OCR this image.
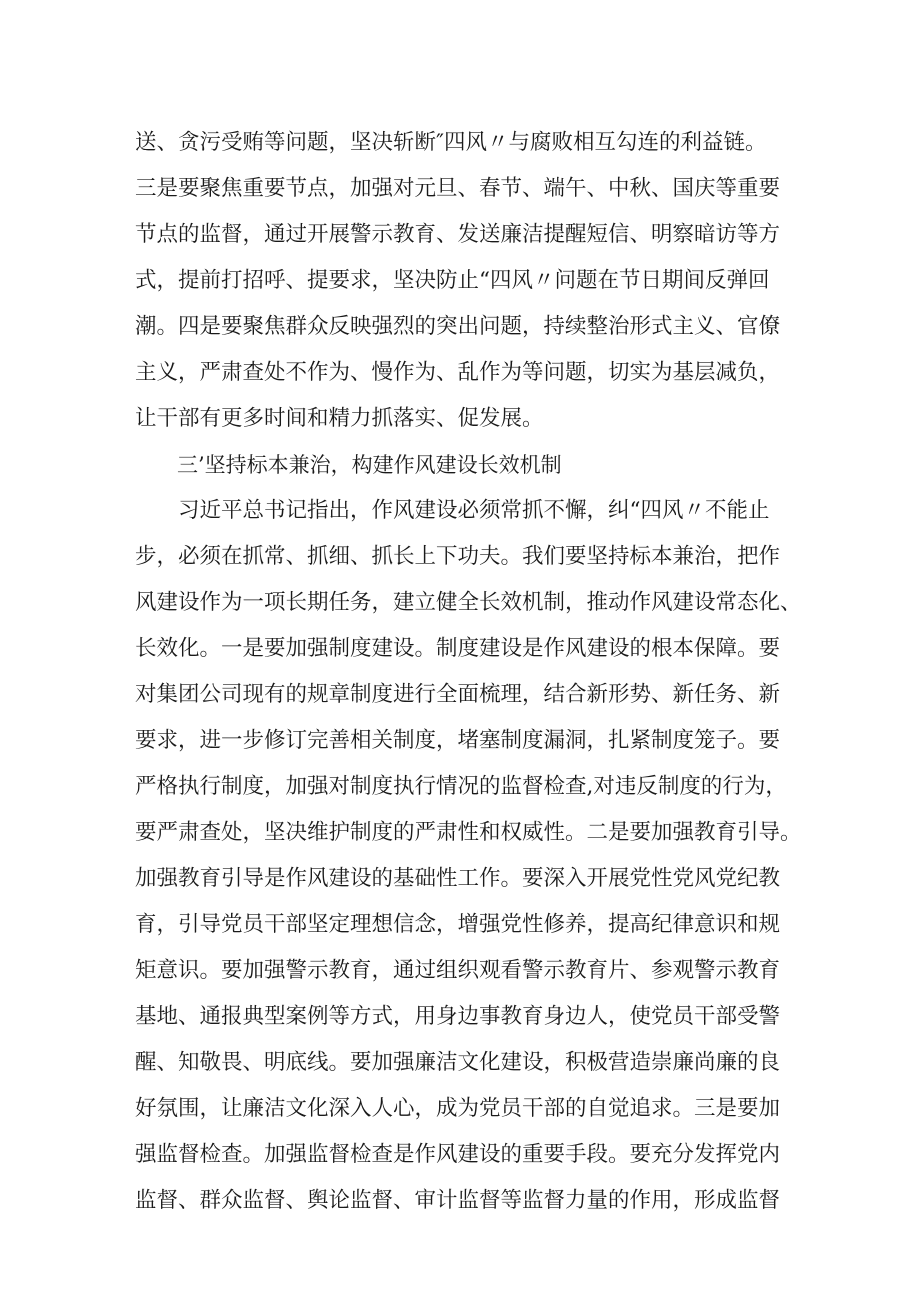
送、贪污受贿等问题，坚决斩断″四风〃与腐败相互勾连的利益链。
三是要聚焦重要节点，加强对元旦、春节、端午、中秋、国庆等重要
节点的监督，通过开展警示教育、发送廉洁提醒短信、明察暗访等方
式，提前打招呼、提要求，坚决防止“四风〃问题在节日期间反弹回
潮。四是要聚焦群众反映强烈的突出问题，持续整治形式主义、官僚
主义，严肃查处不作为、慢作为、乱作为等问题，切实为基层减负，
让干部有更多时间和精力抓落实、促发展。
　　三’坚持标本兼治，构建作风建设长效机制
　　习近平总书记指出，作风建设必须常抓不懈，纠“四风〃不能止
步，必须在抓常、抓细、抓长上下功夫。我们要坚持标本兼治，把作
风建设作为一项长期任务，建立健全长效机制，推动作风建设常态化、
长效化。一是要加强制度建设。制度建设是作风建设的根本保障。要
对集团公司现有的规章制度进行全面梳理，结合新形势、新任务、新
要求，进一步修订完善相关制度，堵塞制度漏洞，扎紧制度笼子。要
严格执行制度，加强对制度执行情况的监督检查,对违反制度的行为，
要严肃查处，坚决维护制度的严肃性和权威性。二是要加强教育引导。
加强教育引导是作风建设的基础性工作。要深入开展党性党风党纪教
育，引导党员干部坚定理想信念，增强党性修养，提高纪律意识和规
矩意识。要加强警示教育，通过组织观看警示教育片、参观警示教育
基地、通报典型案例等方式，用身边事教育身边人，使党员干部受警
醒、知敬畏、明底线。要加强廉洁文化建设，积极营造崇廉尚廉的良
好氛围，让廉洁文化深入人心，成为党员干部的自觉追求。三是要加
强监督检查。加强监督检查是作风建设的重要手段。要充分发挥党内
监督、群众监督、舆论监督、审计监督等监督力量的作用，形成监督
